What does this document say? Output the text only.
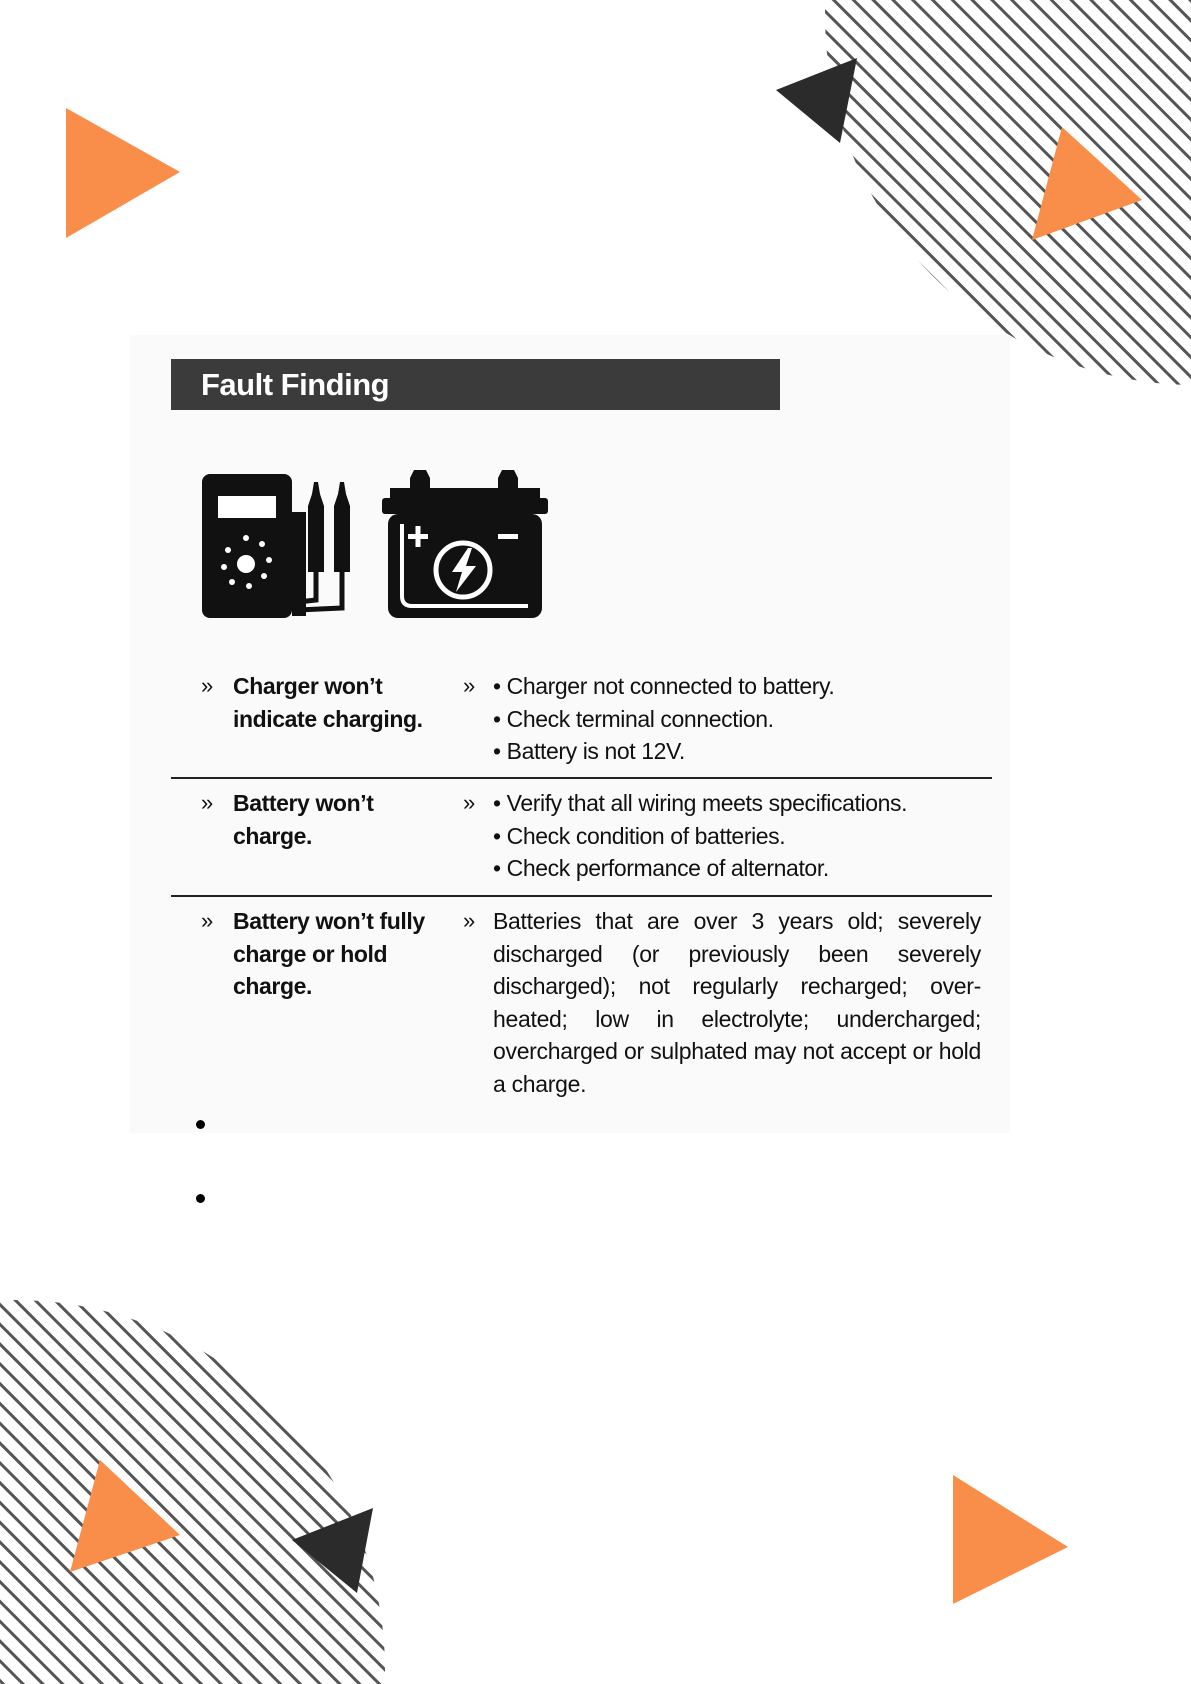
Fault Finding
» Charger won’t indicate charging.
»	• Charger not connected to battery.
• Check terminal connection.
• Battery is not 12V.
» Battery won’t charge.
»	• Verify that all wiring meets specifications.
• Check condition of batteries.
• Check performance of alternator.
» Battery won’t fully charge or hold charge.
» Batteries that are over 3 years old; severely discharged (or previously been severely discharged); not regularly recharged; over-heated; low in electrolyte; undercharged; overcharged or sulphated may not accept or hold a charge.
